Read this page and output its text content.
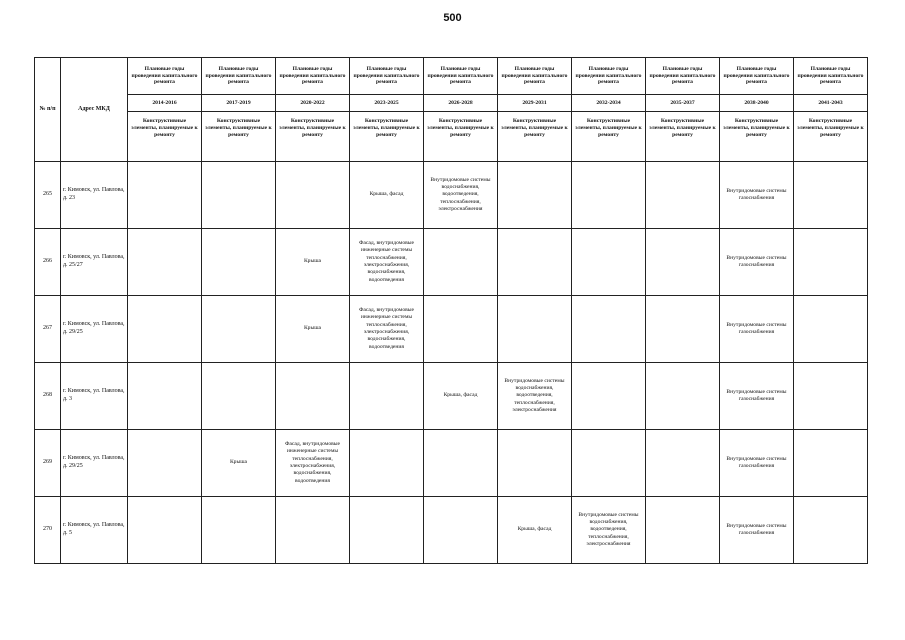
500
№ п/п	Адрес МКД	Плановые годы проведения капитального ремонта	Плановые годы проведения капитального ремонта	Плановые годы проведения капитального ремонта	Плановые годы проведения капитального ремонта	Плановые годы проведения капитального ремонта	Плановые годы проведения капитального ремонта	Плановые годы проведения капитального ремонта	Плановые годы проведения капитального ремонта	Плановые годы проведения капитального ремонта	Плановые годы проведения капитального ремонта
		2014-2016	2017-2019	2020-2022	2023-2025	2026-2028	2029-2031	2032-2034	2035-2037	2038-2040	2041-2043
		Конструктивные элементы, планируемые к ремонту	Конструктивные элементы, планируемые к ремонту	Конструктивные элементы, планируемые к ремонту	Конструктивные элементы, планируемые к ремонту	Конструктивные элементы, планируемые к ремонту	Конструктивные элементы, планируемые к ремонту	Конструктивные элементы, планируемые к ремонту	Конструктивные элементы, планируемые к ремонту	Конструктивные элементы, планируемые к ремонту	Конструктивные элементы, планируемые к ремонту
265	г. Кимовск, ул. Павлова, д. 23				Крыша, фасад	Внутридомовые системы водоснабжения, водоотведения, теплоснабжения, электроснабжения				Внутридомовые системы газоснабжения	
266	г. Кимовск, ул. Павлова, д. 25/27			Крыша	Фасад, внутридомовые инженерные системы теплоснабжения, электроснабжения, водоснабжения, водоотведения					Внутридомовые системы газоснабжения	
267	г. Кимовск, ул. Павлова, д. 29/25			Крыша	Фасад, внутридомовые инженерные системы теплоснабжения, электроснабжения, водоснабжения, водоотведения					Внутридомовые системы газоснабжения	
268	г. Кимовск, ул. Павлова, д. 3					Крыша, фасад	Внутридомовые системы водоснабжения, водоотведения, теплоснабжения, электроснабжения			Внутридомовые системы газоснабжения	
269	г. Кимовск, ул. Павлова, д. 29/25		Крыша	Фасад, внутридомовые инженерные системы теплоснабжения, электроснабжения, водоснабжения, водоотведения						Внутридомовые системы газоснабжения	
270	г. Кимовск, ул. Павлова, д. 5						Крыша, фасад	Внутридомовые системы водоснабжения, водоотведения, теплоснабжения, электроснабжения		Внутридомовые системы газоснабжения	
